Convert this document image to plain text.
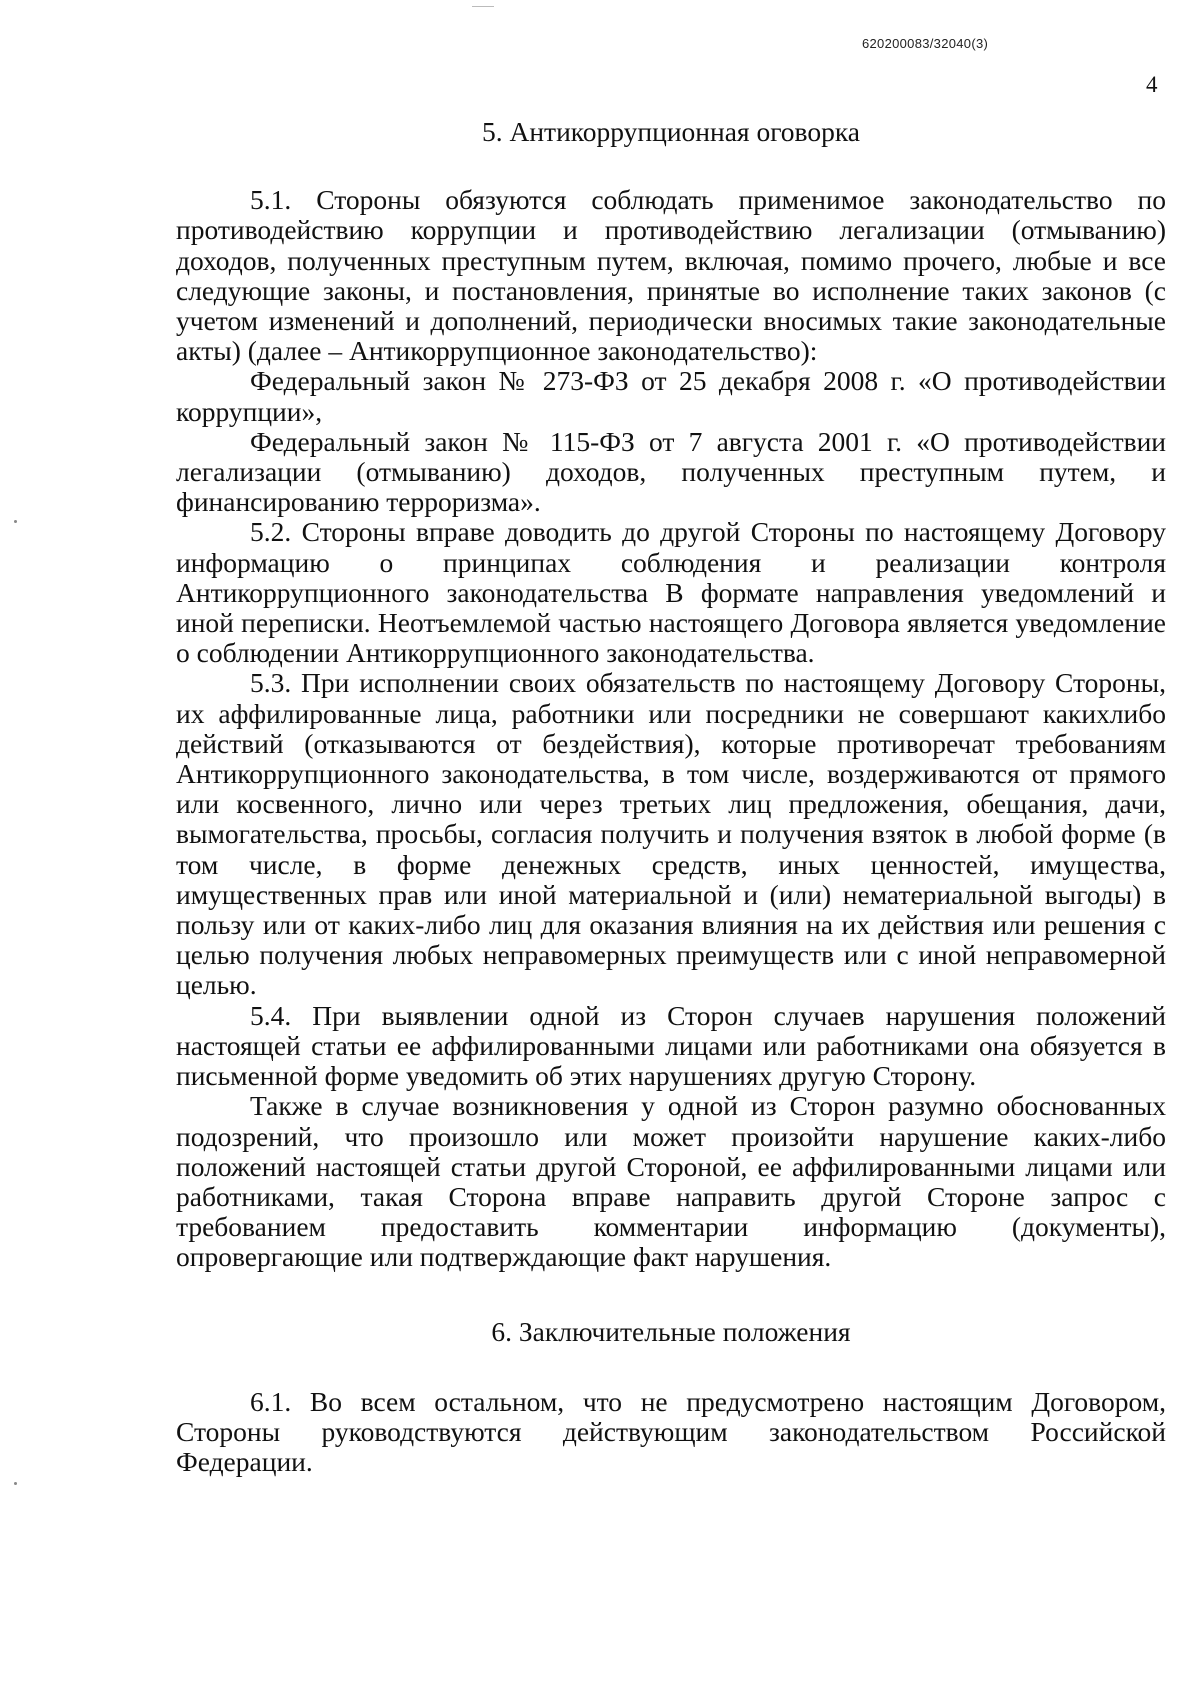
620200083/32040(3)
4
5. Антикоррупционная оговорка

5.1. Стороны обязуются соблюдать применимое законодательство по противодействию коррупции и противодействию легализации (отмыванию) доходов, полученных преступным путем, включая, помимо прочего, любые и все следующие законы, и постановления, принятые во исполнение таких законов (с учетом изменений и дополнений, периодически вносимых такие законодательные акты) (далее – Антикоррупционное законодательство):

Федеральный закон № 273-ФЗ от 25 декабря 2008 г. «О противодействии коррупции»,

Федеральный закон № 115-ФЗ от 7 августа 2001 г. «О противодействии легализации (отмыванию) доходов, полученных преступным путем, и финансированию терроризма».

5.2. Стороны вправе доводить до другой Стороны по настоящему Договору информацию о принципах соблюдения и реализации контроля Антикоррупционного законодательства В формате направления уведомлений и иной переписки. Неотъемлемой частью настоящего Договора является уведомление о соблюдении Антикоррупционного законодательства.

5.3. При исполнении своих обязательств по настоящему Договору Стороны, их аффилированные лица, работники или посредники не совершают какихлибо действий (отказываются от бездействия), которые противоречат требованиям Антикоррупционного законодательства, в том числе, воздерживаются от прямого или косвенного, лично или через третьих лиц предложения, обещания, дачи, вымогательства, просьбы, согласия получить и получения взяток в любой форме (в том числе, в форме денежных средств, иных ценностей, имущества, имущественных прав или иной материальной и (или) нематериальной выгоды) в пользу или от каких-либо лиц для оказания влияния на их действия или решения с целью получения любых неправомерных преимуществ или с иной неправомерной целью.

5.4. При выявлении одной из Сторон случаев нарушения положений настоящей статьи ее аффилированными лицами или работниками она обязуется в письменной форме уведомить об этих нарушениях другую Сторону.

Также в случае возникновения у одной из Сторон разумно обоснованных подозрений, что произошло или может произойти нарушение каких-либо положений настоящей статьи другой Стороной, ее аффилированными лицами или работниками, такая Сторона вправе направить другой Стороне запрос с требованием предоставить комментарии информацию (документы), опровергающие или подтверждающие факт нарушения.

6. Заключительные положения

6.1. Во всем остальном, что не предусмотрено настоящим Договором, Стороны руководствуются действующим законодательством Российской Федерации.
